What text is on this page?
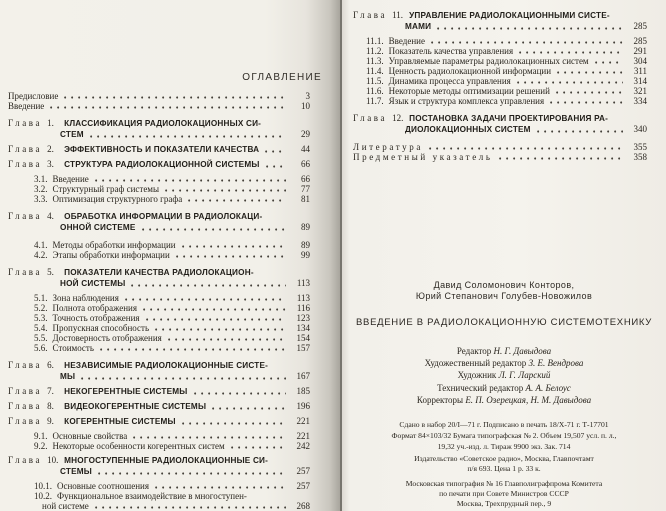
ОГЛАВЛЕНИЕ
Предисловие	3
Введение	10
Глава 1.	КЛАССИФИКАЦИЯ РАДИОЛОКАЦИОННЫХ СИ-
СТЕМ	29
Глава 2.	ЭФФЕКТИВНОСТЬ И ПОКАЗАТЕЛИ КАЧЕСТВА	44
Глава 3.	СТРУКТУРА РАДИОЛОКАЦИОННОЙ СИСТЕМЫ	66
3.1. Введение	66
3.2. Структурный граф системы	77
3.3. Оптимизация структурного графа	81
Глава 4.	ОБРАБОТКА ИНФОРМАЦИИ В РАДИОЛОКАЦИ-
ОННОЙ СИСТЕМЕ	89
4.1. Методы обработки информации	89
4.2. Этапы обработки информации	99
Глава 5.	ПОКАЗАТЕЛИ КАЧЕСТВА РАДИОЛОКАЦИОН-
НОЙ СИСТЕМЫ	113
5.1. Зона наблюдения	113
5.2. Полнота отображения	116
5.3. Точность отображения	123
5.4. Пропускная способность	134
5.5. Достоверность отображения	154
5.6. Стоимость	157
Глава 6.	НЕЗАВИСИМЫЕ РАДИОЛОКАЦИОННЫЕ СИСТЕ-
МЫ	167
Глава 7.	НЕКОГЕРЕНТНЫЕ СИСТЕМЫ	185
Глава 8.	ВИДЕОКОГЕРЕНТНЫЕ СИСТЕМЫ	196
Глава 9.	КОГЕРЕНТНЫЕ СИСТЕМЫ	221
9.1. Основные свойства	221
9.2. Некоторые особенности когерентных систем	242
Глава 10. МНОГОСТУПЕННЫЕ РАДИОЛОКАЦИОННЫЕ СИ-
СТЕМЫ	257
10.1. Основные соотношения	257
10.2. Функциональное взаимодействие в многоступен-
ной системе	268
Глава 11. УПРАВЛЕНИЕ РАДИОЛОКАЦИОННЫМИ СИСТЕ-
МАМИ	285
11.1. Введение	285
11.2. Показатель качества управления	291
11.3. Управляемые параметры радиолокационных систем	304
11.4. Ценность радиолокационной информации	311
11.5. Динамика процесса управления	314
11.6. Некоторые методы оптимизации решений	321
11.7. Язык и структура комплекса управления	334
Глава 12. ПОСТАНОВКА ЗАДАЧИ ПРОЕКТИРОВАНИЯ РА-
ДИОЛОКАЦИОННЫХ СИСТЕМ	340
Литература	355
Предметный указатель	358
Давид Соломонович Конторов,
Юрий Степанович Голубев-Новожилов
ВВЕДЕНИЕ В РАДИОЛОКАЦИОННУЮ СИСТЕМОТЕХНИКУ
Редактор Н. Г. Давыдова
Художественный редактор З. Е. Вендрова
Художник Л. Г. Ларский
Технический редактор А. А. Белоус
Корректоры Е. П. Озерецкая, Н. М. Давыдова
Сдано в набор 20/I—71 г. Подписано в печать 18/X-71 г. Т-17701
Формат 84×103/32 Бумага типографская № 2. Объем 19,507 усл. п. л.,
19,32 уч.-изд. л. Тираж 9900 экз. Зак. 714
Издательство «Советское радио», Москва, Главпочтамт
п/я 693. Цена 1 р. 33 к.
Московская типография № 16 Главполиграфпрома Комитета
по печати при Совете Министров СССР
Москва, Трехпрудный пер., 9
